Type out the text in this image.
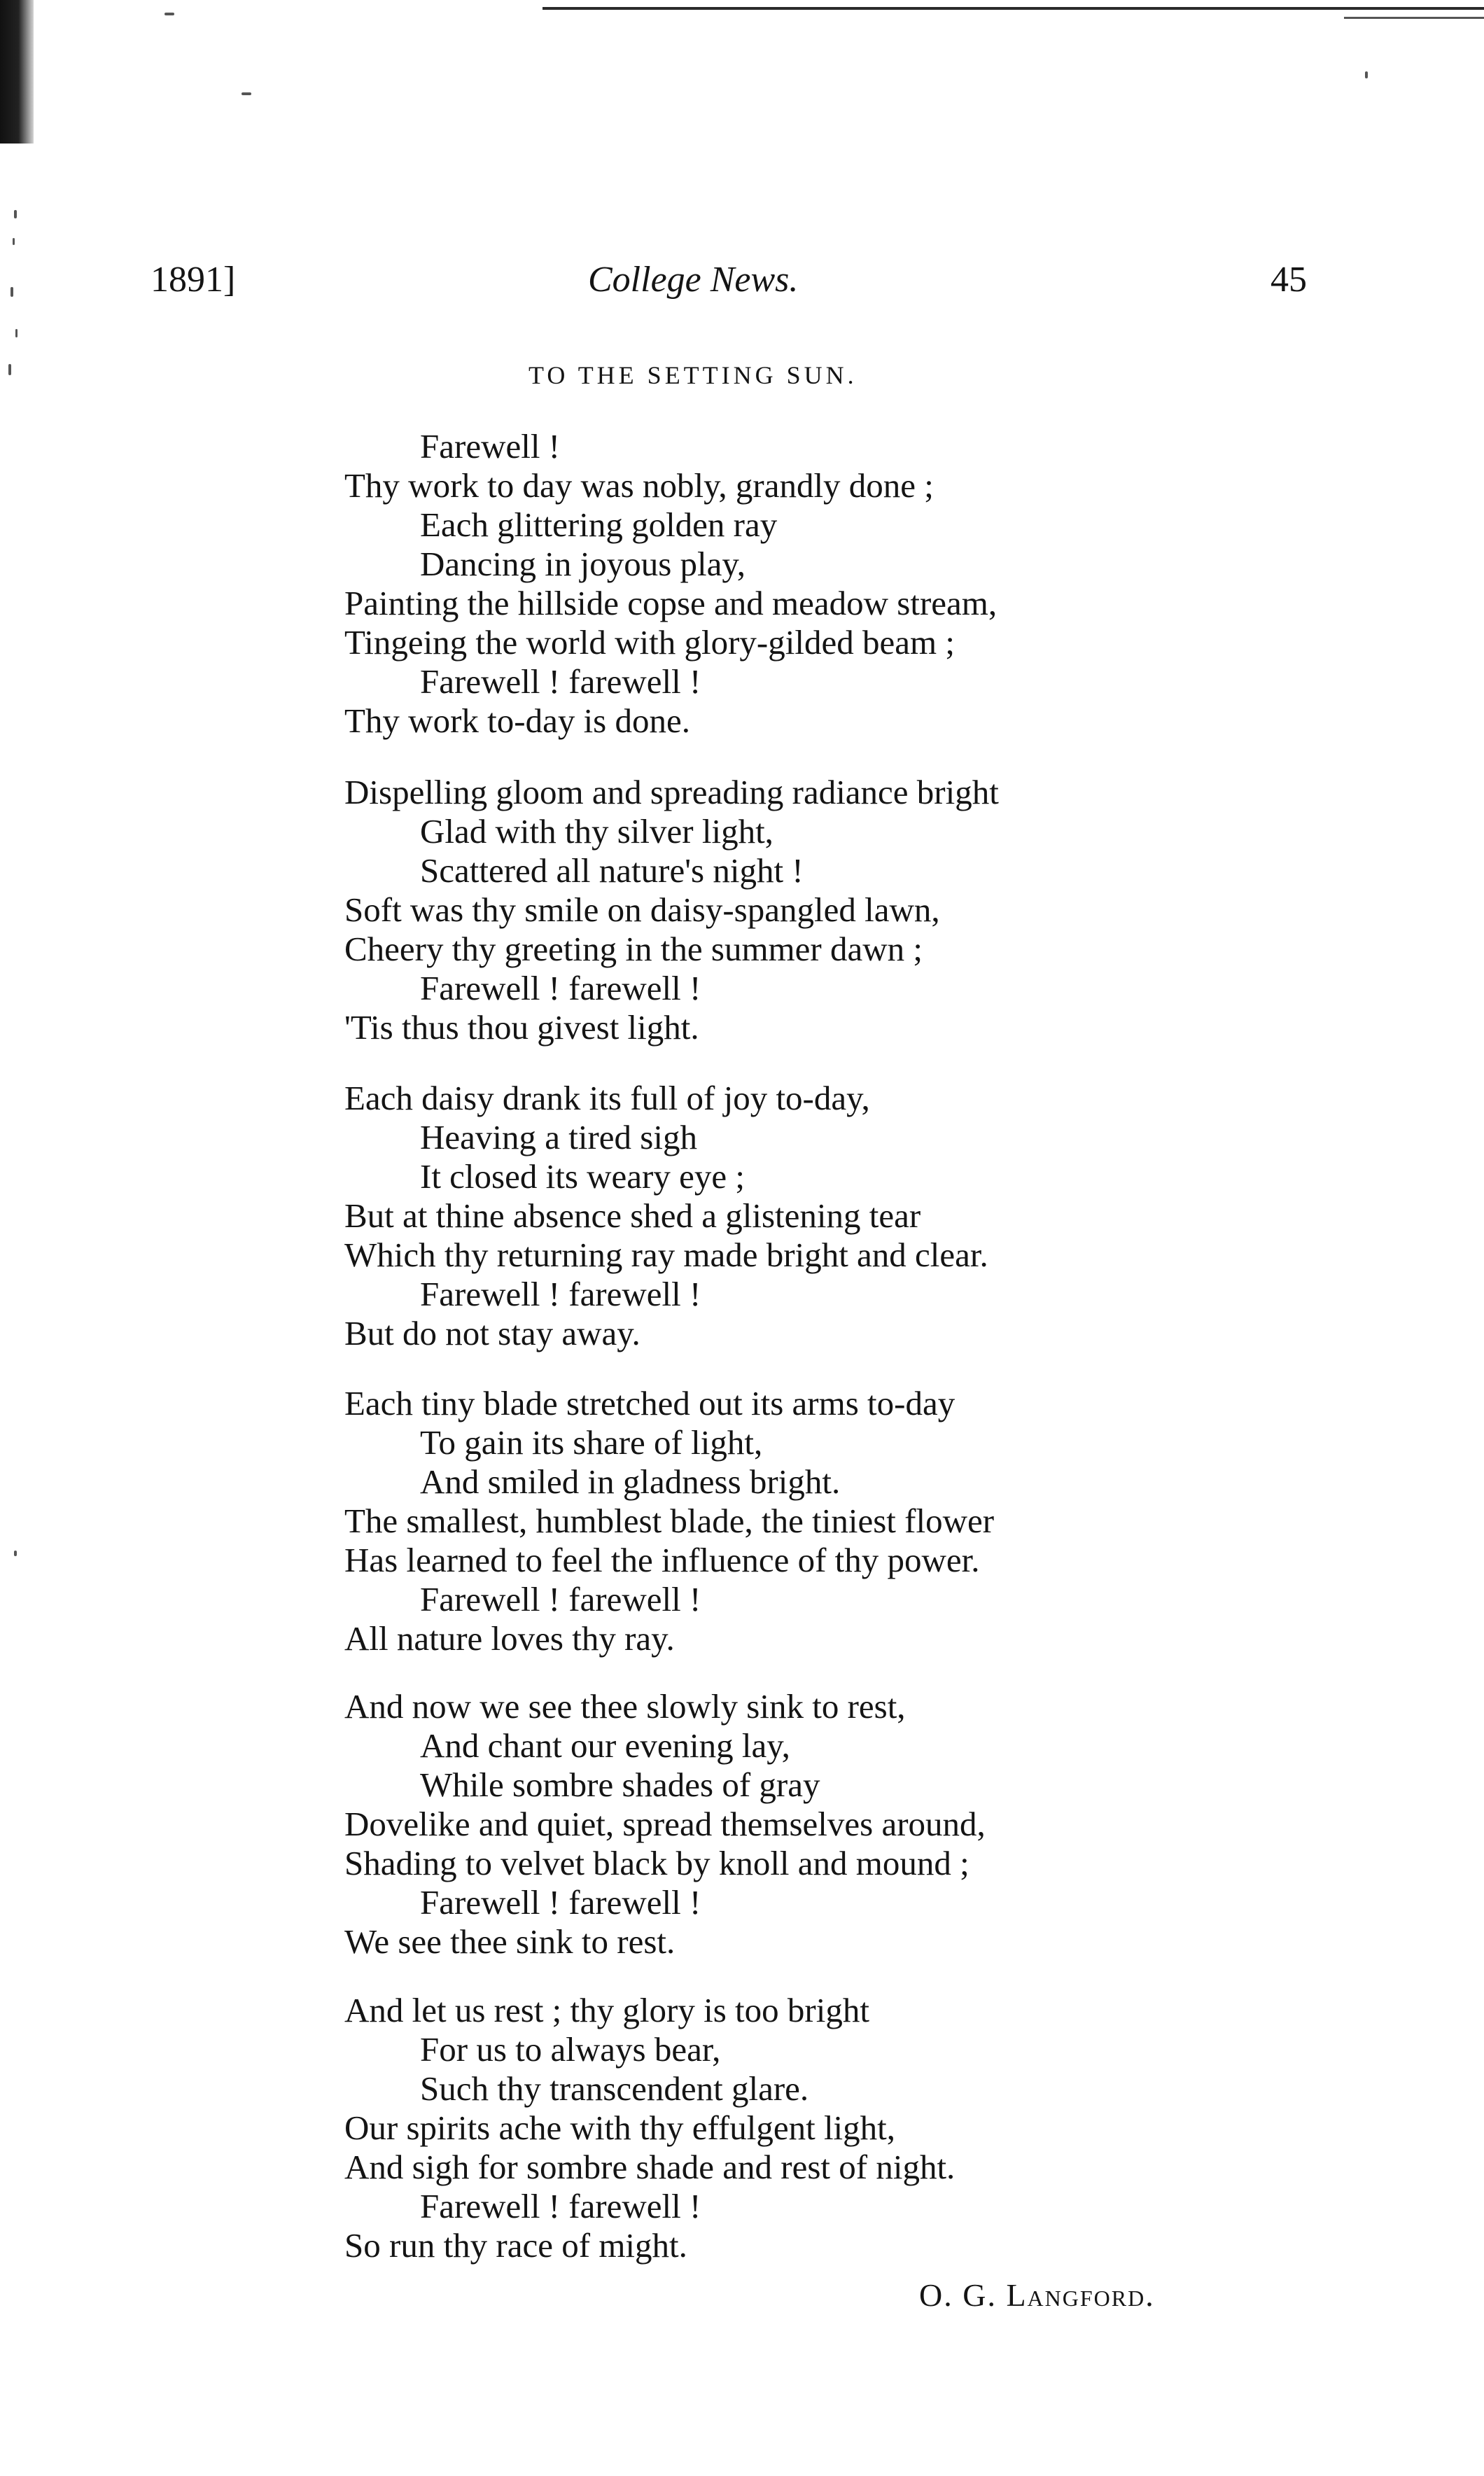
1891]	College News.	45
TO THE SETTING SUN.
Farewell !
Thy work to day was nobly, grandly done ;
Each glittering golden ray
Dancing in joyous play,
Painting the hillside copse and meadow stream,
Tingeing the world with glory-gilded beam ;
Farewell ! farewell !
Thy work to-day is done.
Dispelling gloom and spreading radiance bright
Glad with thy silver light,
Scattered all nature's night !
Soft was thy smile on daisy-spangled lawn,
Cheery thy greeting in the summer dawn ;
Farewell ! farewell !
'Tis thus thou givest light.
Each daisy drank its full of joy to-day,
Heaving a tired sigh
It closed its weary eye ;
But at thine absence shed a glistening tear
Which thy returning ray made bright and clear.
Farewell ! farewell !
But do not stay away.
Each tiny blade stretched out its arms to-day
To gain its share of light,
And smiled in gladness bright.
The smallest, humblest blade, the tiniest flower
Has learned to feel the influence of thy power.
Farewell ! farewell !
All nature loves thy ray.
And now we see thee slowly sink to rest,
And chant our evening lay,
While sombre shades of gray
Dovelike and quiet, spread themselves around,
Shading to velvet black by knoll and mound ;
Farewell ! farewell !
We see thee sink to rest.
And let us rest ; thy glory is too bright
For us to always bear,
Such thy transcendent glare.
Our spirits ache with thy effulgent light,
And sigh for sombre shade and rest of night.
Farewell ! farewell !
So run thy race of might.
O. G. Langford.
